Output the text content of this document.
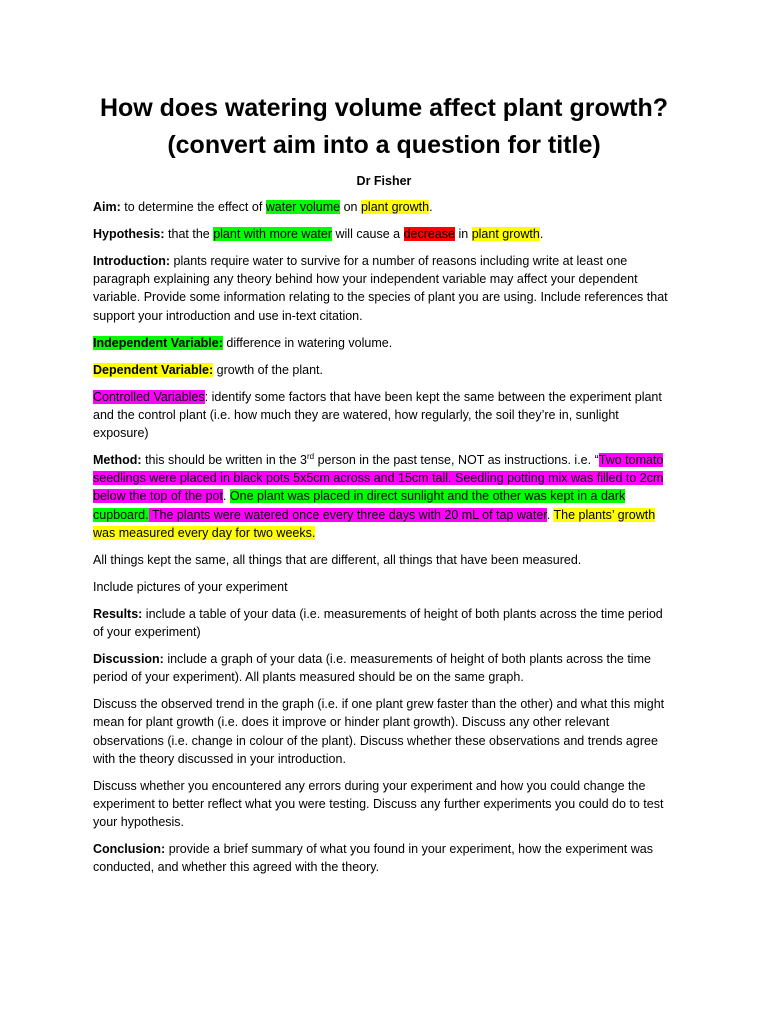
How does watering volume affect plant growth? (convert aim into a question for title)
Dr Fisher

Aim: to determine the effect of water volume on plant growth.

Hypothesis: that the plant with more water will cause a decrease in plant growth.

Introduction: plants require water to survive for a number of reasons including write at least one paragraph explaining any theory behind how your independent variable may affect your dependent variable. Provide some information relating to the species of plant you are using. Include references that support your introduction and use in-text citation.

Independent Variable: difference in watering volume.

Dependent Variable: growth of the plant.

Controlled Variables: identify some factors that have been kept the same between the experiment plant and the control plant (i.e. how much they are watered, how regularly, the soil they’re in, sunlight exposure)

Method: this should be written in the 3rd person in the past tense, NOT as instructions. i.e. “Two tomato seedlings were placed in black pots 5x5cm across and 15cm tall. Seedling potting mix was filled to 2cm below the top of the pot. One plant was placed in direct sunlight and the other was kept in a dark cupboard. The plants were watered once every three days with 20 mL of tap water. The plants’ growth was measured every day for two weeks.

All things kept the same, all things that are different, all things that have been measured.

Include pictures of your experiment

Results: include a table of your data (i.e. measurements of height of both plants across the time period of your experiment)

Discussion: include a graph of your data (i.e. measurements of height of both plants across the time period of your experiment). All plants measured should be on the same graph.

Discuss the observed trend in the graph (i.e. if one plant grew faster than the other) and what this might mean for plant growth (i.e. does it improve or hinder plant growth). Discuss any other relevant observations (i.e. change in colour of the plant). Discuss whether these observations and trends agree with the theory discussed in your introduction.

Discuss whether you encountered any errors during your experiment and how you could change the experiment to better reflect what you were testing. Discuss any further experiments you could do to test your hypothesis.

Conclusion: provide a brief summary of what you found in your experiment, how the experiment was conducted, and whether this agreed with the theory.
